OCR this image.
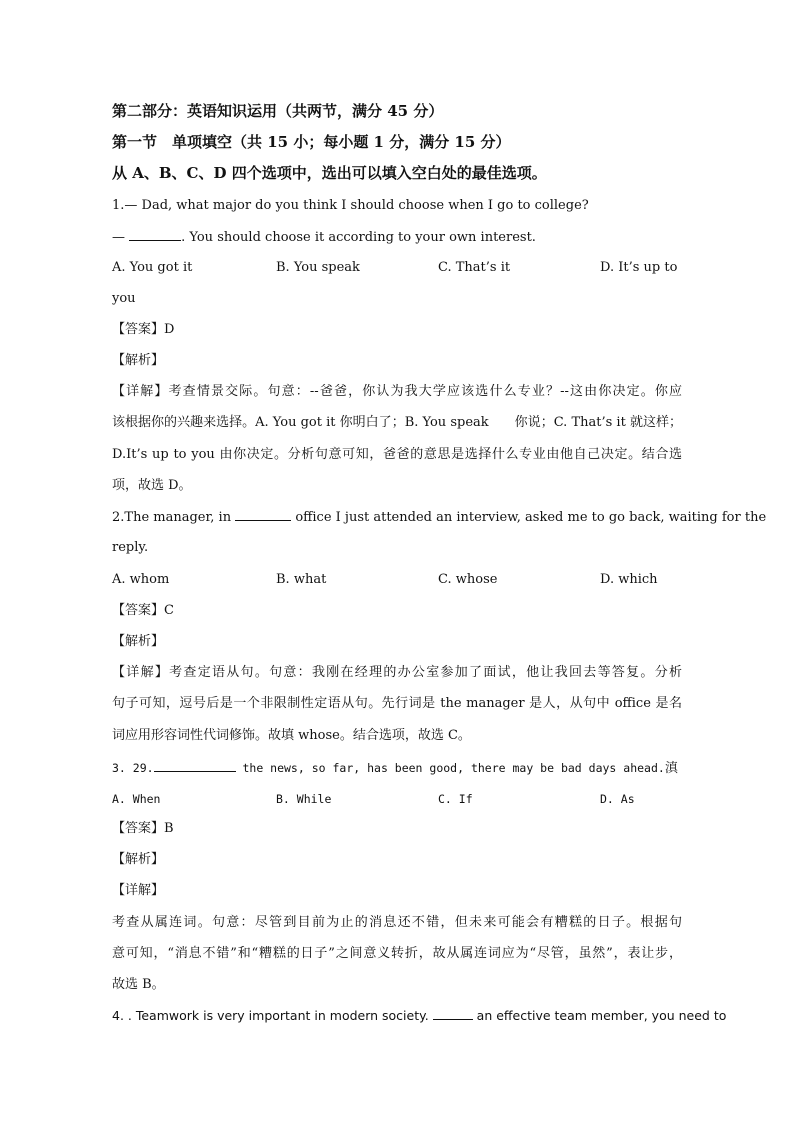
第二部分：英语知识运用（共两节，满分 45 分）
第一节　单项填空（共 15 小；每小题 1 分，满分 15 分）
从 A、B、C、D 四个选项中，选出可以填入空白处的最佳选项。
1.— Dad, what major do you think I should choose when I go to college?
—	. You should choose it according to your own interest.
A. You got it	B. You speak	C. That’s it	D. It’s up to
you
【答案】D
【解析】
【详解】考查情景交际。句意：--爸爸，你认为我大学应该选什么专业？--这由你决定。你应
该根据你的兴趣来选择。A. You got it 你明白了；B. You speak　　你说；C. That’s it 就这样；
D.It’s up to you 由你决定。分析句意可知，爸爸的意思是选择什么专业由他自己决定。结合选
项，故选 D。
2.The manager, in	office I just attended an interview, asked me to go back, waiting for the
reply.
A. whom	B. what	C. whose	D. which
【答案】C
【解析】
【详解】考查定语从句。句意：我刚在经理的办公室参加了面试，他让我回去等答复。分析
句子可知，逗号后是一个非限制性定语从句。先行词是 the manager 是人，从句中 office 是名
词应用形容词性代词修饰。故填 whose。结合选项，故选 C。
3. 29.	the news, so far, has been good, there may be bad days ahead.滇
A. When	B. While	C. If	D. As
【答案】B
【解析】
【详解】
考查从属连词。句意：尽管到目前为止的消息还不错，但未来可能会有糟糕的日子。根据句
意可知，“消息不错”和“糟糕的日子”之间意义转折，故从属连词应为“尽管，虽然”，表让步，
故选 B。
4. . Teamwork is very important in modern society.	an effective team member, you need to
